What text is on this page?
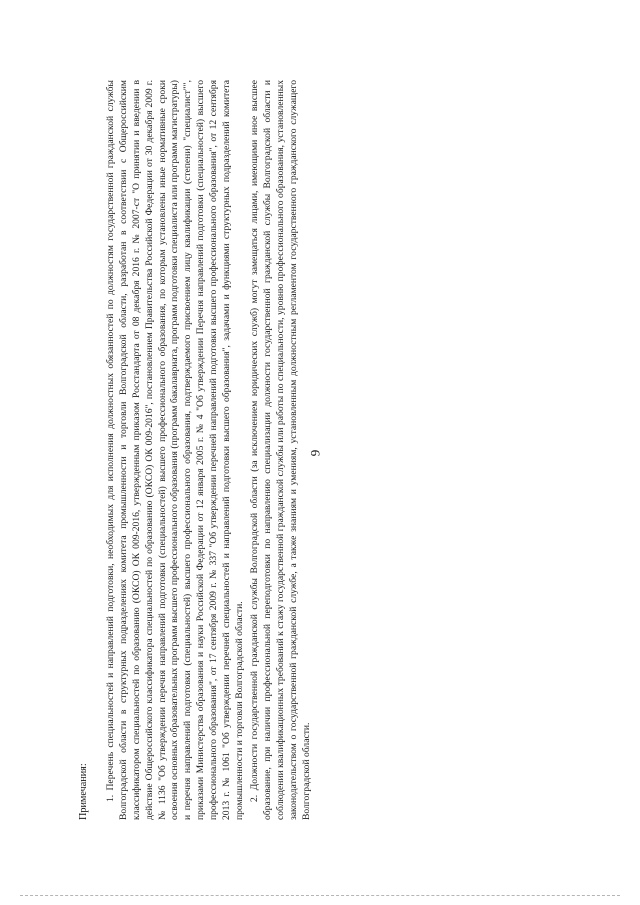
9

Примечания: 1. Перечень специальностей и направлений подготовки, необходимых для исполнения должностных обязанностей по должностям государственной гражданской службы Волгоградской области в структурных подразделениях комитета промышленности и торговли Волгоградской области, разработан в соответствии с Общероссийским классификатором специальностей по образованию (ОКСО) ОК 009-2016, утвержденным приказом Росстандарта от 08 декабря 2016 г. № 2007-ст "О принятии и введении в действие Общероссийского классификатора специальностей по образованию (ОКСО) ОК 009-2016", постановлением Правительства Российской Федерации от 30 декабря 2009 г. № 1136 "Об утверждении перечня направлений подготовки (специальностей) высшего профессионального образования, по которым установлены иные нормативные сроки освоения основных образовательных программ высшего профессионального образования (программ бакалавриата, программ подготовки специалиста или программ магистратуры) и перечня направлений подготовки (специальностей) высшего профессионального образования, подтверждаемого присвоением лицу квалификации (степени) "специалист"", приказами Министерства образования и науки Российской Федерации от 12 января 2005 г. № 4 "Об утверждении Перечня направлений подготовки (специальностей) высшего профессионального образования", от 17 сентября 2009 г. № 337 "Об утверждении перечней направлений подготовки высшего профессионального образования", от 12 сентября 2013 г. № 1061 "Об утверждении перечней специальностей и направлений подготовки высшего образования", задачами и функциями структурных подразделений комитета промышленности и торговли Волгоградской области. 2. Должности государственной гражданской службы Волгоградской области (за исключением юридических служб) могут замещаться лицами, имеющими иное высшее образование, при наличии профессиональной переподготовки по направлению специализации должности государственной гражданской службы Волгоградской области и соблюдении квалификационных требований к стажу государственной гражданской службы или работы по специальности, уровню профессионального образования, установленных законодательством о государственной гражданской службе, а также знаниям и умениям, установленным должностным регламентом государственного гражданского служащего Волгоградской области.
